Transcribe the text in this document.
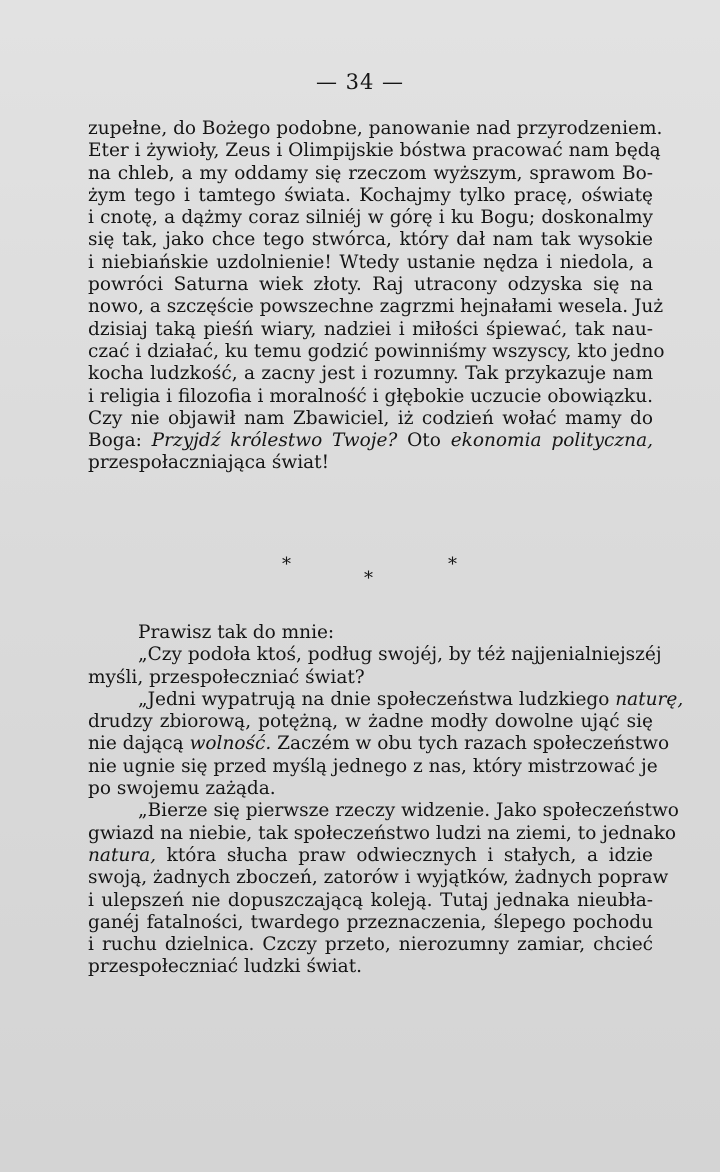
— 34 —
zupełne, do Bożego podobne, panowanie nad przyrodzeniem.
Eter i żywioły, Zeus i Olimpijskie bóstwa pracować nam będą
na chleb, a my oddamy się rzeczom wyższym, sprawom Bo-
żym tego i tamtego świata. Kochajmy tylko pracę, oświatę
i cnotę, a dążmy coraz silniéj w górę i ku Bogu; doskonalmy
się tak, jako chce tego stwórca, który dał nam tak wysokie
i niebiańskie uzdolnienie! Wtedy ustanie nędza i niedola, a
powróci Saturna wiek złoty. Raj utracony odzyska się na
nowo, a szczęście powszechne zagrzmi hejnałami wesela. Już
dzisiaj taką pieśń wiary, nadziei i miłości śpiewać, tak nau-
czać i działać, ku temu godzić powinniśmy wszyscy, kto jedno
kocha ludzkość, a zacny jest i rozumny. Tak przykazuje nam
i religia i filozofia i moralność i głębokie uczucie obowiązku.
Czy nie objawił nam Zbawiciel, iż codzień wołać mamy do
Boga: Przyjdź królestwo Twoje? Oto ekonomia polityczna,
przespołaczniająca świat!
*	*
*
Prawisz tak do mnie:
„Czy podoła ktoś, podług swojéj, by téż najjenialniejszéj
myśli, przespołeczniać świat?
„Jedni wypatrują na dnie społeczeństwa ludzkiego naturę,
drudzy zbiorową, potężną, w żadne modły dowolne ująć się
nie dającą wolność. Zaczém w obu tych razach społeczeństwo
nie ugnie się przed myślą jednego z nas, który mistrzować je
po swojemu zażąda.
„Bierze się pierwsze rzeczy widzenie. Jako społeczeństwo
gwiazd na niebie, tak społeczeństwo ludzi na ziemi, to jednako
natura, która słucha praw odwiecznych i stałych, a idzie
swoją, żadnych zboczeń, zatorów i wyjątków, żadnych popraw
i ulepszeń nie dopuszczającą koleją. Tutaj jednaka nieubła-
ganéj fatalności, twardego przeznaczenia, ślepego pochodu
i ruchu dzielnica. Czczy przeto, nierozumny zamiar, chcieć
przespołeczniać ludzki świat.
